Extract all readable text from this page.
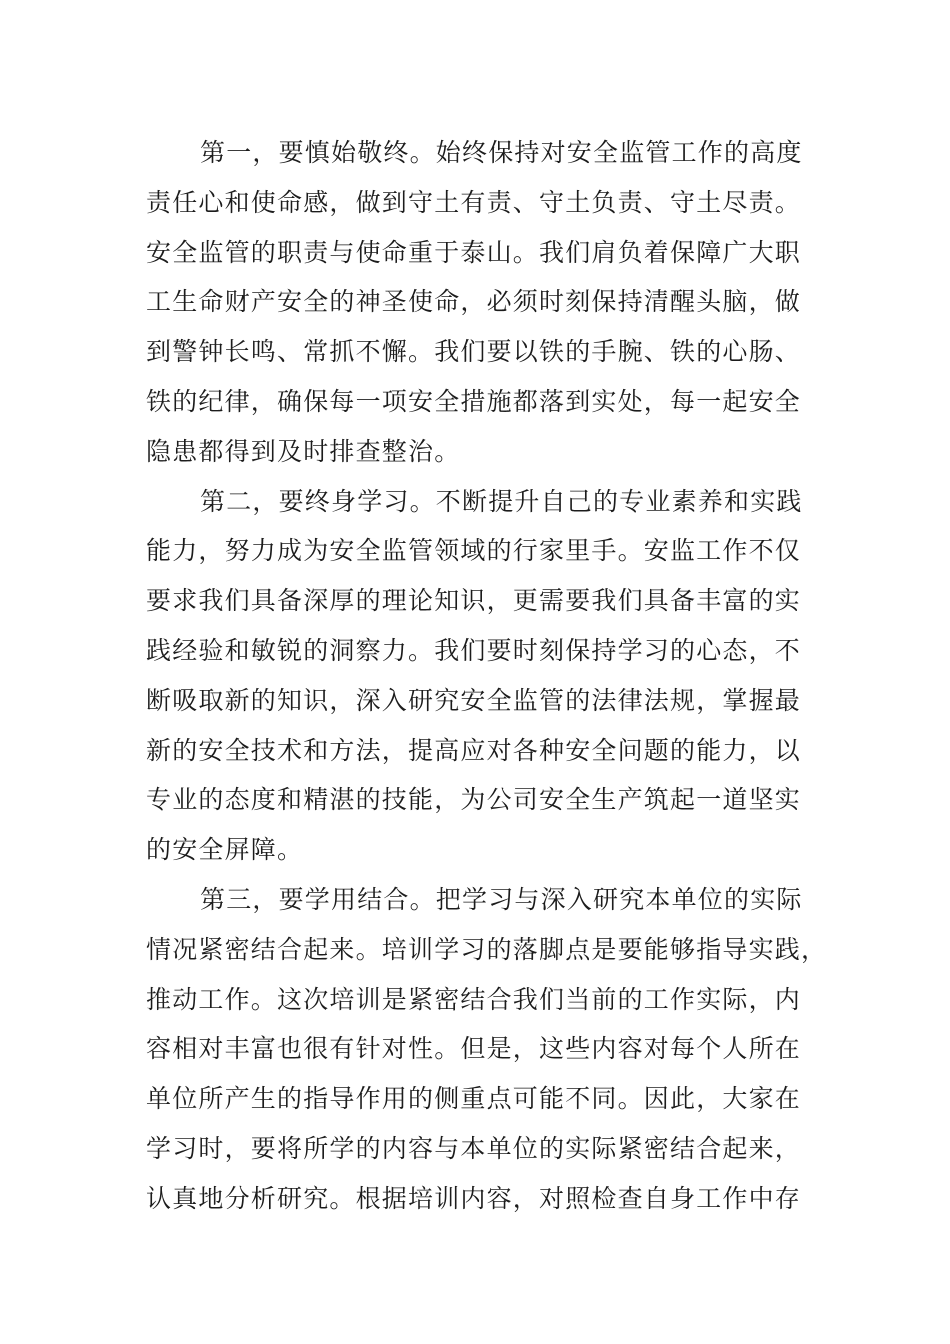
第一，要慎始敬终。始终保持对安全监管工作的高度
责任心和使命感，做到守土有责、守土负责、守土尽责。
安全监管的职责与使命重于泰山。我们肩负着保障广大职
工生命财产安全的神圣使命，必须时刻保持清醒头脑，做
到警钟长鸣、常抓不懈。我们要以铁的手腕、铁的心肠、
铁的纪律，确保每一项安全措施都落到实处，每一起安全
隐患都得到及时排查整治。
第二，要终身学习。不断提升自己的专业素养和实践
能力，努力成为安全监管领域的行家里手。安监工作不仅
要求我们具备深厚的理论知识，更需要我们具备丰富的实
践经验和敏锐的洞察力。我们要时刻保持学习的心态，不
断吸取新的知识，深入研究安全监管的法律法规，掌握最
新的安全技术和方法，提高应对各种安全问题的能力，以
专业的态度和精湛的技能，为公司安全生产筑起一道坚实
的安全屏障。
第三，要学用结合。把学习与深入研究本单位的实际
情况紧密结合起来。培训学习的落脚点是要能够指导实践，
推动工作。这次培训是紧密结合我们当前的工作实际，内
容相对丰富也很有针对性。但是，这些内容对每个人所在
单位所产生的指导作用的侧重点可能不同。因此，大家在
学习时，要将所学的内容与本单位的实际紧密结合起来，
认真地分析研究。根据培训内容，对照检查自身工作中存
